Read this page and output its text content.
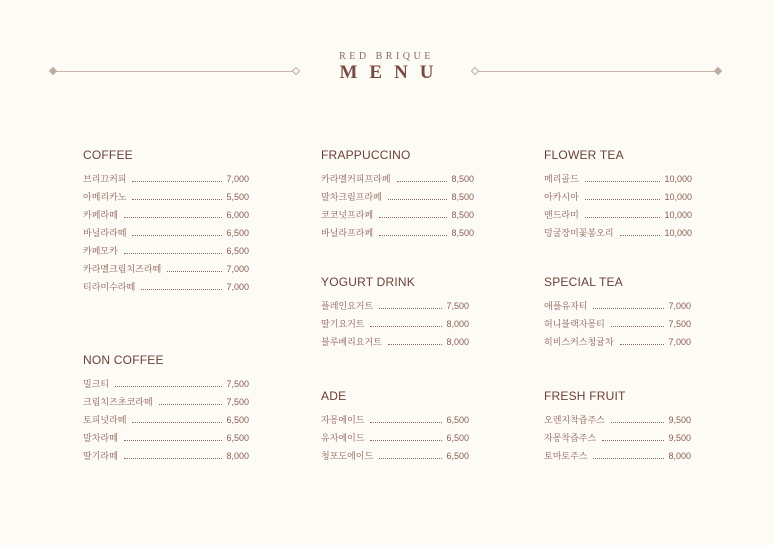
RED BRIQUE
MENU
COFFEE
브리끄커피	7,000
아메리카노	5,500
카페라떼	6,000
바닐라라떼	6,500
카페모카	6,500
카라멜크림치즈라떼	7,000
티라미수라떼	7,000
NON COFFEE
밀크티	7,500
크림치즈초코라떼	7,500
토피넛라떼	6,500
말차라떼	6,500
딸기라떼	8,000
FRAPPUCCINO
카라멜커피프라페	8,500
말차크림프라페	8,500
코코넛프라페	8,500
바닐라프라페	8,500
YOGURT DRINK
플레인요거트	7,500
딸기요거트	8,000
블루베리요거트	8,000
ADE
자몽에이드	6,500
유자에이드	6,500
청포도에이드	6,500
FLOWER TEA
메리골드	10,000
아카시아	10,000
맨드라미	10,000
덩굴장미꽃봉오리	10,000
SPECIAL TEA
애플유자티	7,000
허니블랙자몽티	7,500
히비스커스청귤차	7,000
FRESH FRUIT
오렌지착즙주스	9,500
자몽착즙주스	9,500
토마토주스	8,000
